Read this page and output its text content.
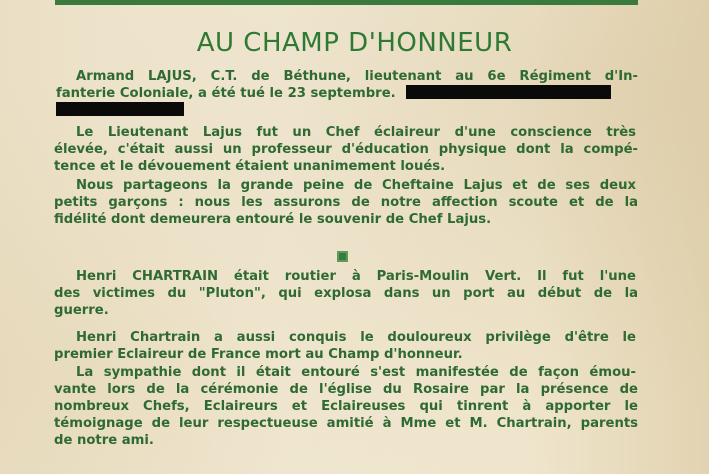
AU CHAMP D'HONNEUR
Armand LAJUS, C.T. de Béthune, lieutenant au 6e Régiment d'In-
fanterie Coloniale, a été tué le 23 septembre.
Le Lieutenant Lajus fut un Chef éclaireur d'une conscience très
élevée, c'était aussi un professeur d'éducation physique dont la compé-
tence et le dévouement étaient unanimement loués.
Nous partageons la grande peine de Cheftaine Lajus et de ses deux
petits garçons : nous les assurons de notre affection scoute et de la
fidélité dont demeurera entouré le souvenir de Chef Lajus.
Henri CHARTRAIN était routier à Paris-Moulin Vert. Il fut l'une
des victimes du "Pluton", qui explosa dans un port au début de la
guerre.
Henri Chartrain a aussi conquis le douloureux privilège d'être le
premier Eclaireur de France mort au Champ d'honneur.
La sympathie dont il était entouré s'est manifestée de façon émou-
vante lors de la cérémonie de l'église du Rosaire par la présence de
nombreux Chefs, Eclaireurs et Eclaireuses qui tinrent à apporter le
témoignage de leur respectueuse amitié à Mme et M. Chartrain, parents
de notre ami.
